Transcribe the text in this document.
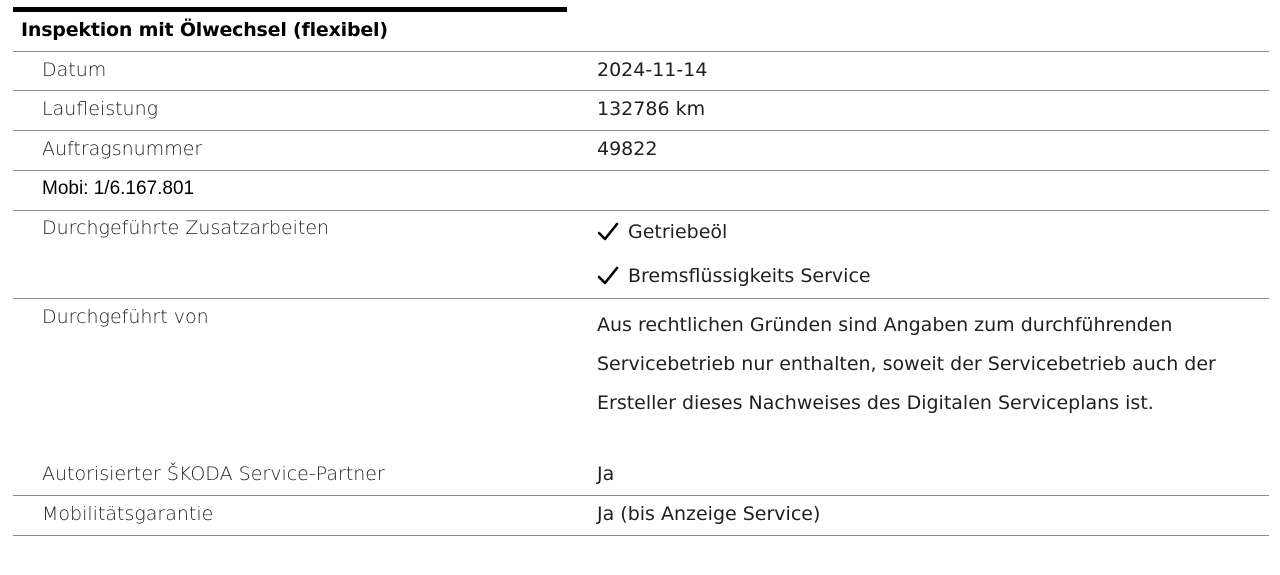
Inspektion mit Ölwechsel (flexibel)
Datum	2024-11-14
Laufleistung	132786 km
Auftragsnummer	49822
Mobi: 1/6.167.801
Durchgeführte Zusatzarbeiten	Getriebeöl
Bremsflüssigkeits Service
Durchgeführt von	Aus rechtlichen Gründen sind Angaben zum durchführenden
Servicebetrieb nur enthalten, soweit der Servicebetrieb auch der
Ersteller dieses Nachweises des Digitalen Serviceplans ist.
Autorisierter ŠKODA Service-Partner	Ja
Mobilitätsgarantie	Ja (bis Anzeige Service)
